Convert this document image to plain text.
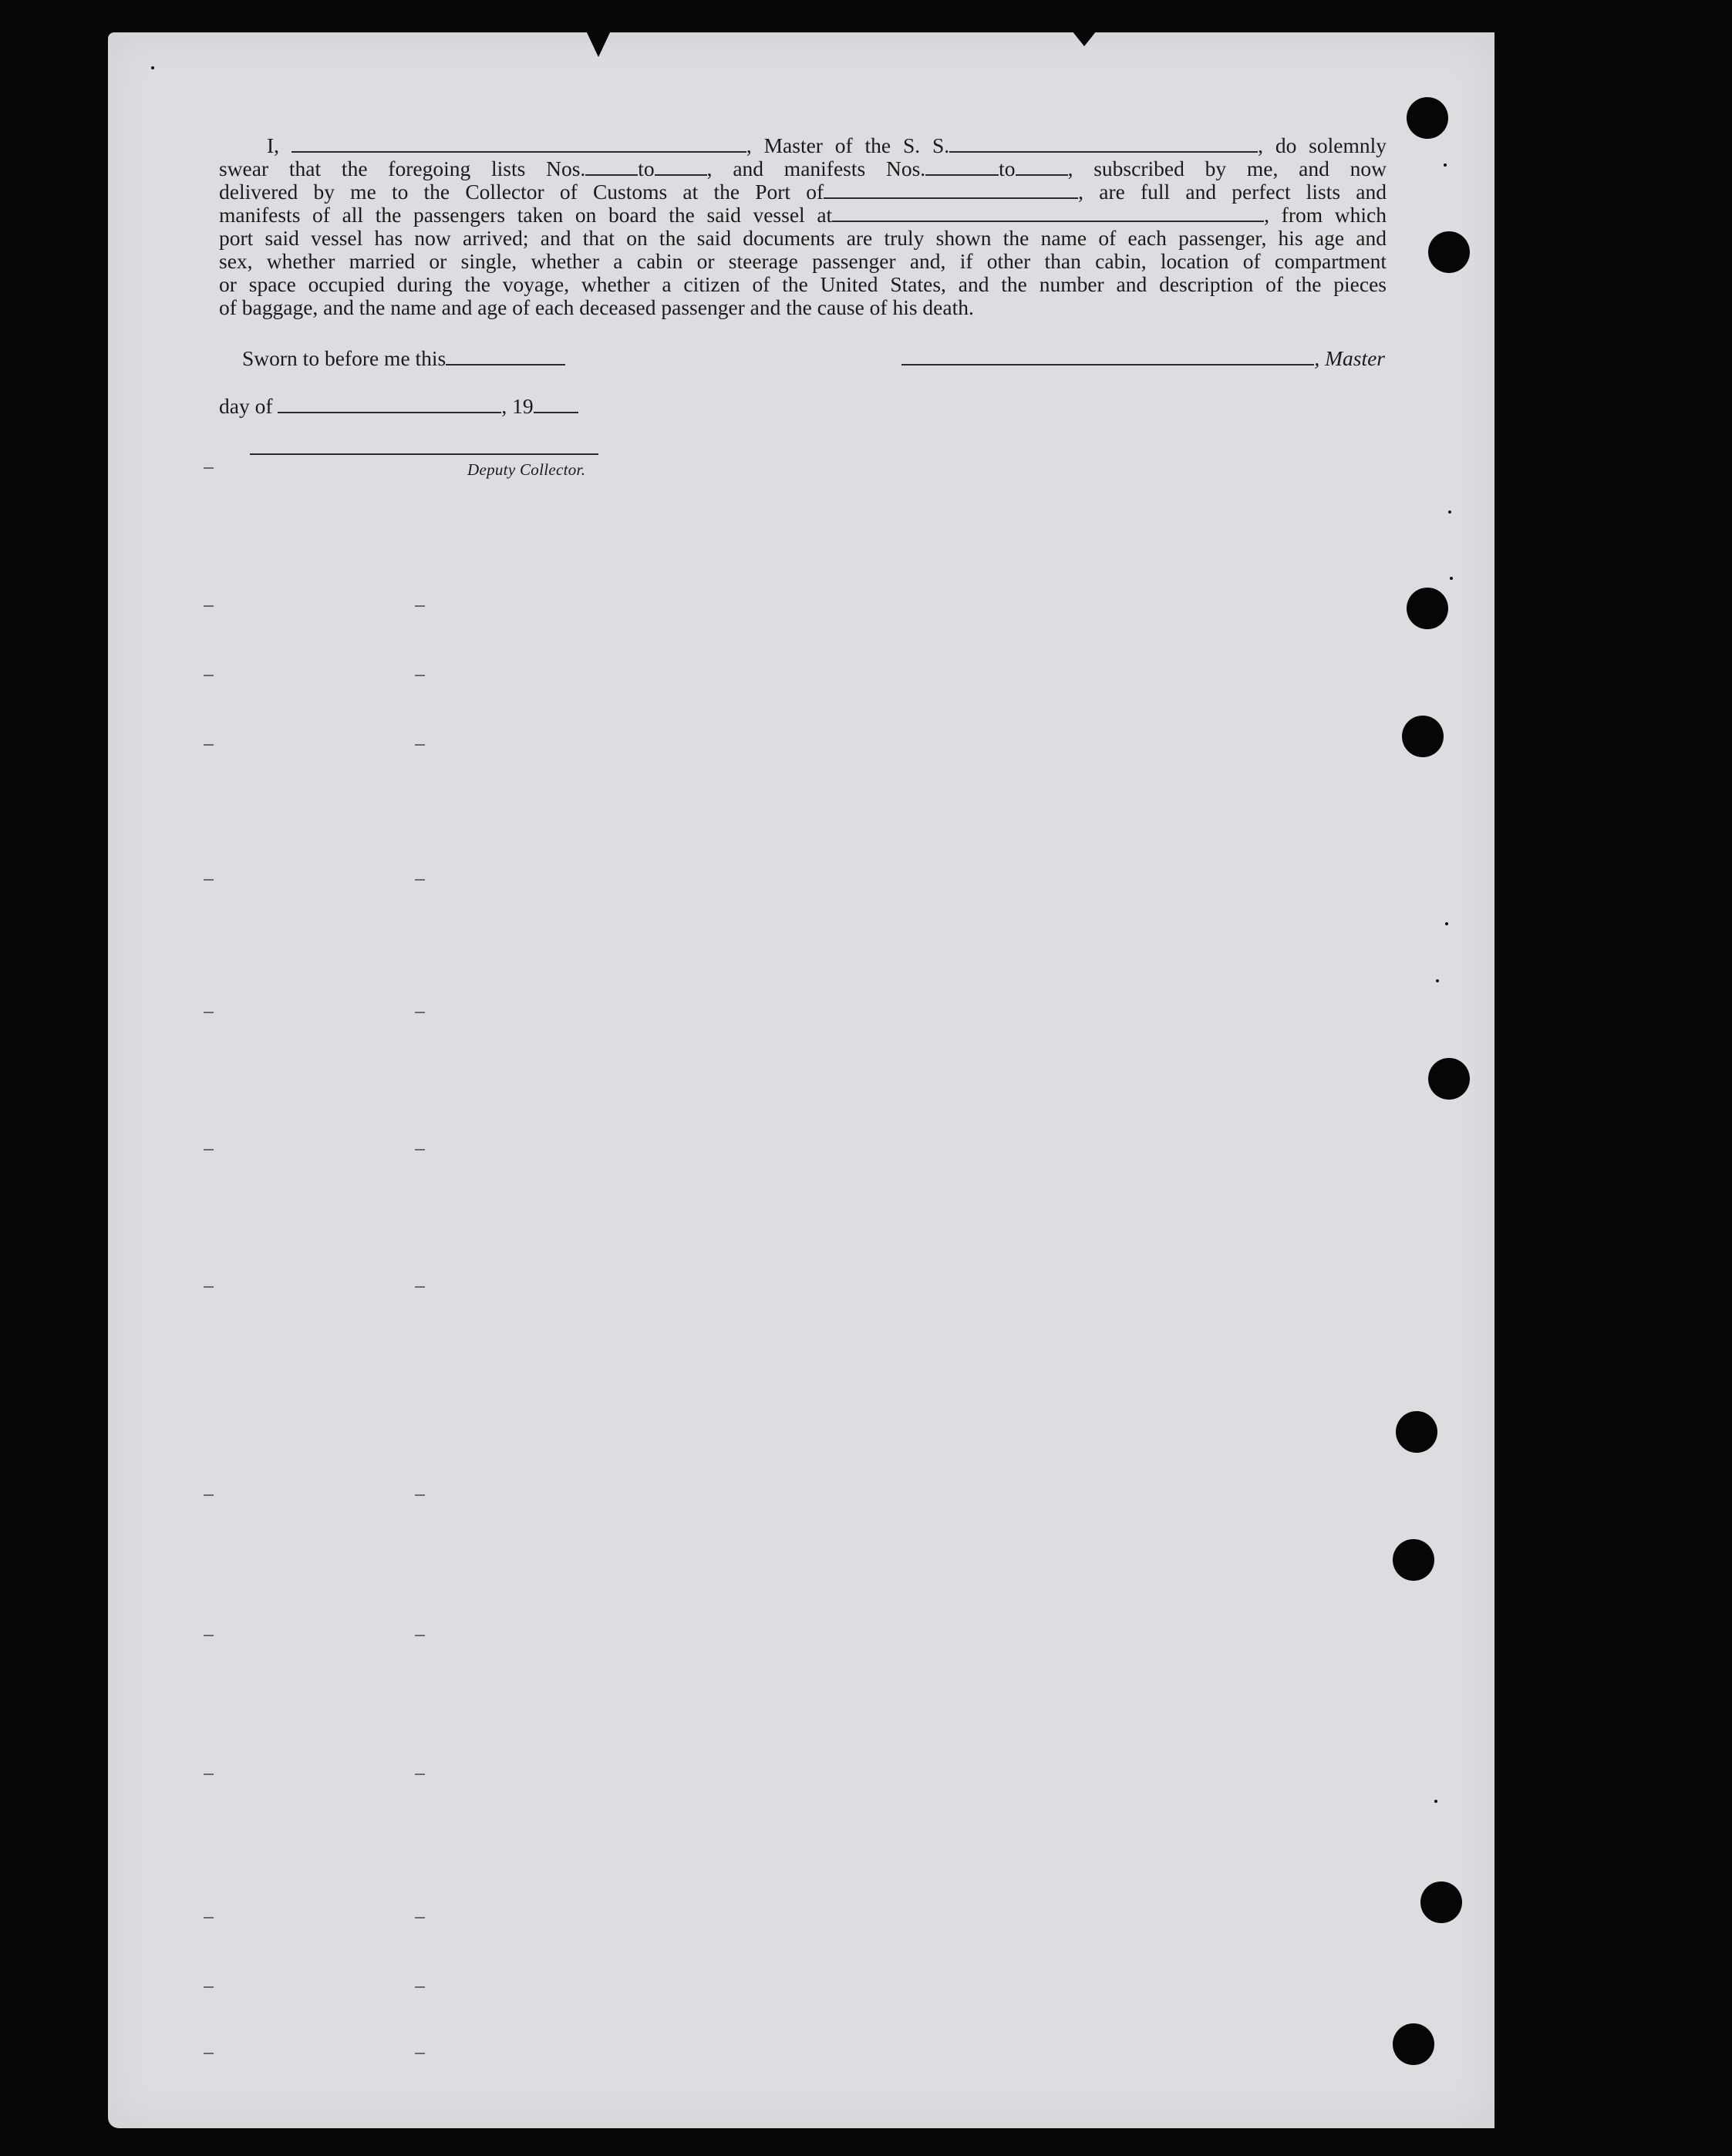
I,	, Master of the S. S.	, do solemnly

swear that the foregoing lists Nos. to , and manifests Nos.	to , subscribed by me, and now

delivered by me to the Collector of Customs at the Port of	, are full and perfect lists and

manifests of all the passengers taken on board the said vessel at	, from which

port said vessel has now arrived; and that on the said documents are truly shown the name of each passenger, his age and

sex, whether married or single, whether a cabin or steerage passenger and, if other than cabin, location of compartment

or space occupied during the voyage, whether a citizen of the United States, and the number and description of the pieces

of baggage, and the name and age of each deceased passenger and the cause of his death.

Sworn to before me this	, Master
day of	, 19
Deputy Collector.
